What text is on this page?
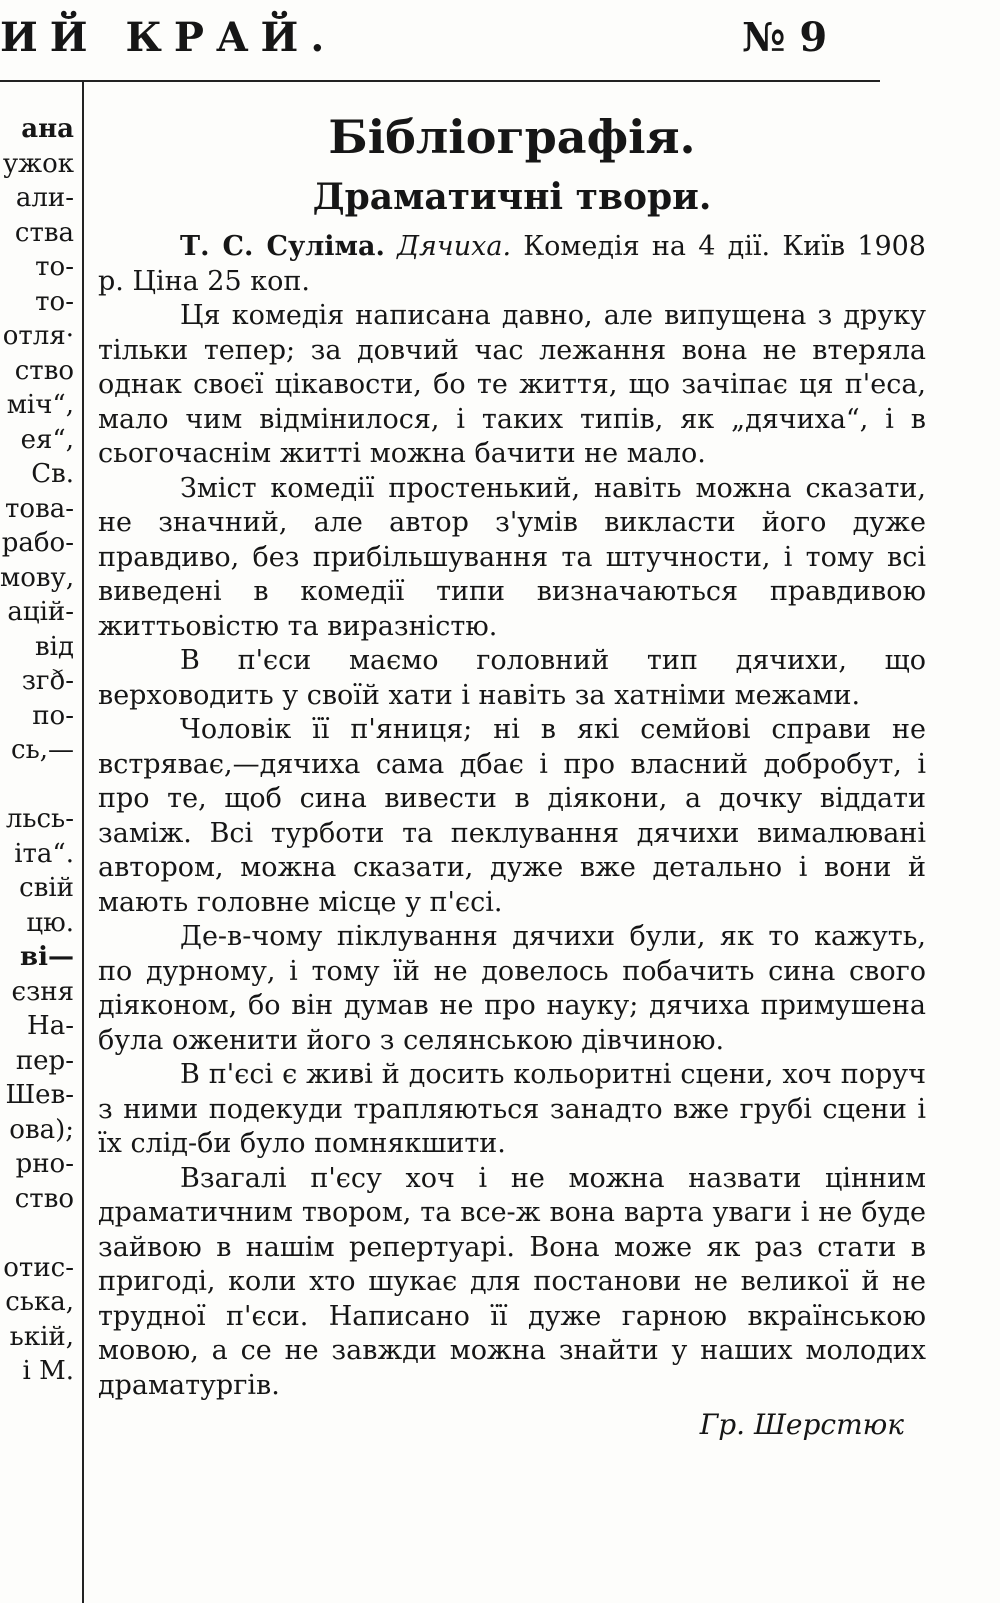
ИЙ КРАЙ.	№ 9
ана
ужок
али-
ства
то-
то-
отля·
ство
міч“,
ея“,
Св.
това-
рабо-
мову,
ацій-
від
згð-
по-
сь,—
льсь-
іта“.
свій
цю.
ві—
єзня
На-
пер-
Шев-
ова);
рно-
ство
отис-
ська,
ькій,
і М.
Бібліографія.
Драматичні твори.

Т. С. Суліма. Дячиха. Комедія на 4 дії. Київ 1908 р. Ціна 25 коп.

Ця комедія написана давно, але випущена з друку тільки тепер; за довчий час лежання вона не втеряла однак своєї цікавости, бо те життя, що зачіпає ця п'еса, мало чим відмінилося, і таких типів, як „дячиха“, і в сьогочаснім житті можна бачити не мало.

Зміст комедії простенький, навіть можна сказати, не значний, але автор з'умів викласти його дуже правдиво, без прибільшування та штучности, і тому всі виведені в комедії типи визначаються правдивою життьовістю та вирaзністю.

В п'єси маємо головний тип дячихи, що верховодить у своїй хати і навіть за хатніми межами.

Чоловік її п'яниця; ні в які семйові справи не встряває,—дячиха сама дбає і про власний добробут, і про те, щоб сина вивести в діякони, а дочку віддати заміж. Всі турботи та пеклування дячихи вималювані автором, можна сказати, дуже вже детально і вони й мають головне місце у п'єсі.

Де-в-чому піклування дячихи були, як то кажуть, по дурному, і тому їй не довелось побачить сина свого діяконом, бо він думав не про науку; дячиха примушена була оженити його з селянською дівчиною.

В п'єсі є живі й досить кольоритні сцени, хоч поруч з ними подекуди трапляються занадто вже грубі сцени і їх слід-би було помнякшити.

Взагалі п'єсу хоч і не можна назвати цінним драматичним твором, та все-ж вона варта уваги і не буде зайвою в нашім репертуарі. Вона може як раз стати в пригоді, коли хто шукає для постанови не великої й не трудної п'єси. Написано її дуже гарною вкраїнською мовою, а се не завжди можна знайти у наших молодих драматургів.

Гр. Шерстюк
